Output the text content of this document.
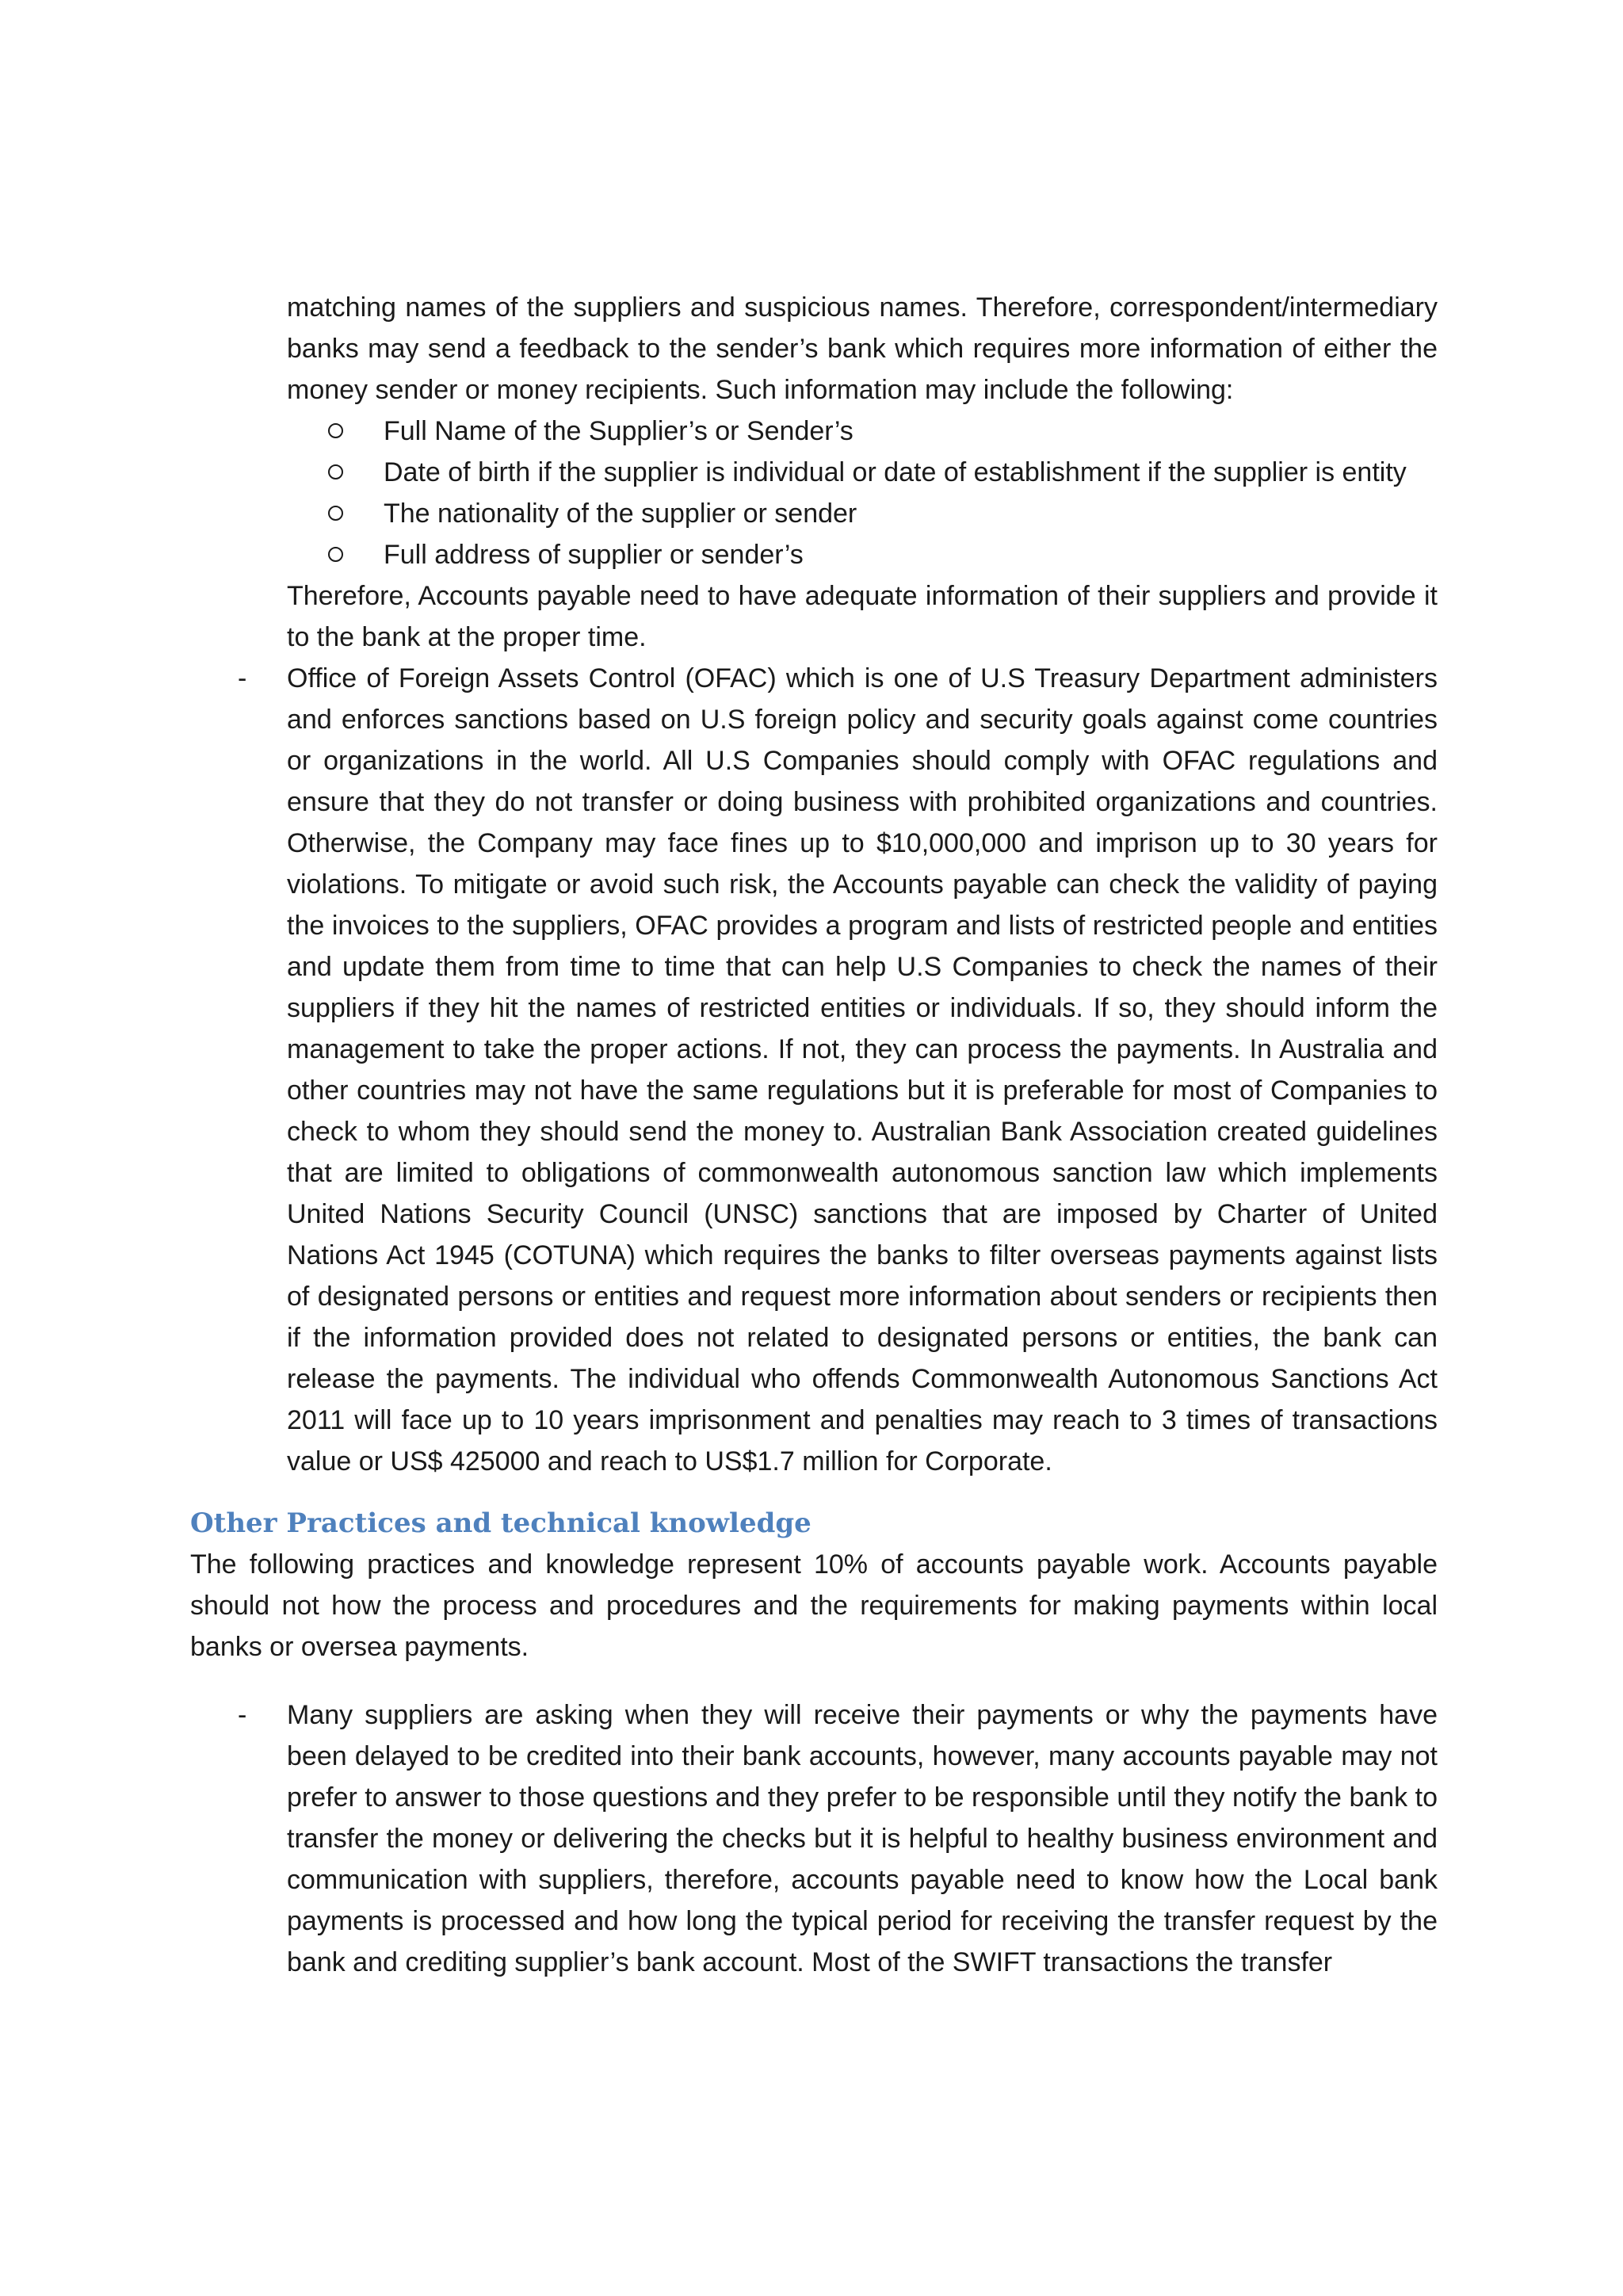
matching names of the suppliers and suspicious names. Therefore, correspondent/intermediary banks may send a feedback to the sender’s bank which requires more information of either the money sender or money recipients. Such information may include the following:

Full Name of the Supplier’s or Sender’s
Date of birth if the supplier is individual or date of establishment if the supplier is entity
The nationality of the supplier or sender
Full address of supplier or sender’s

Therefore, Accounts payable need to have adequate information of their suppliers and provide it to the bank at the proper time.

- Office of Foreign Assets Control (OFAC) which is one of U.S Treasury Department administers and enforces sanctions based on U.S foreign policy and security goals against come countries or organizations in the world. All U.S Companies should comply with OFAC regulations and ensure that they do not transfer or doing business with prohibited organizations and countries. Otherwise, the Company may face fines up to $10,000,000 and imprison up to 30 years for violations. To mitigate or avoid such risk, the Accounts payable can check the validity of paying the invoices to the suppliers, OFAC provides a program and lists of restricted people and entities and update them from time to time that can help U.S Companies to check the names of their suppliers if they hit the names of restricted entities or individuals. If so, they should inform the management to take the proper actions. If not, they can process the payments. In Australia and other countries may not have the same regulations but it is preferable for most of Companies to check to whom they should send the money to. Australian Bank Association created guidelines that are limited to obligations of commonwealth autonomous sanction law which implements United Nations Security Council (UNSC) sanctions that are imposed by Charter of United Nations Act 1945 (COTUNA) which requires the banks to filter overseas payments against lists of designated persons or entities and request more information about senders or recipients then if the information provided does not related to designated persons or entities, the bank can release the payments. The individual who offends Commonwealth Autonomous Sanctions Act 2011 will face up to 10 years imprisonment and penalties may reach to 3 times of transactions value or US$ 425000 and reach to US$1.7 million for Corporate.

Other Practices and technical knowledge

The following practices and knowledge represent 10% of accounts payable work. Accounts payable should not how the process and procedures and the requirements for making payments within local banks or oversea payments.

- Many suppliers are asking when they will receive their payments or why the payments have been delayed to be credited into their bank accounts, however, many accounts payable may not prefer to answer to those questions and they prefer to be responsible until they notify the bank to transfer the money or delivering the checks but it is helpful to healthy business environment and communication with suppliers, therefore, accounts payable need to know how the Local bank payments is processed and how long the typical period for receiving the transfer request by the bank and crediting supplier’s bank account. Most of the SWIFT transactions the transfer
